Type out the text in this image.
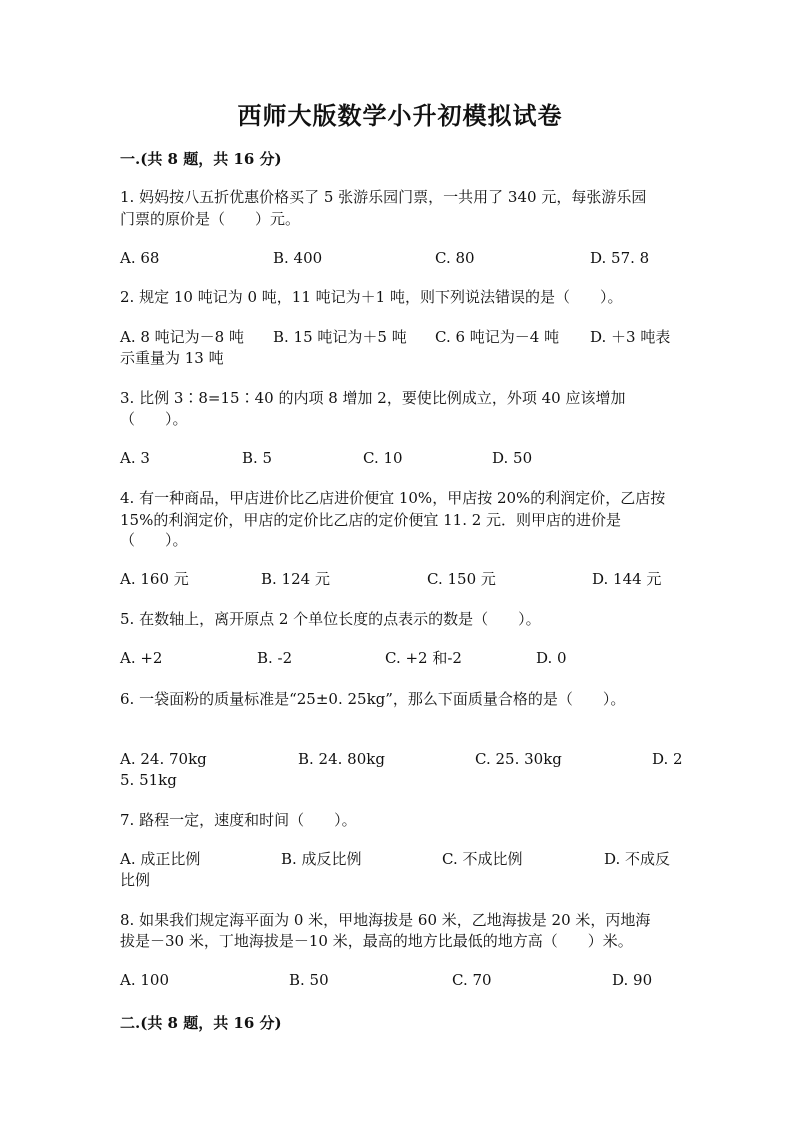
西师大版数学小升初模拟试卷
一.(共 8 题，共 16 分)
1. 妈妈按八五折优惠价格买了 5 张游乐园门票，一共用了 340 元，每张游乐园
门票的原价是（　　）元。
A. 68	B. 400	C. 80	D. 57. 8
2. 规定 10 吨记为 0 吨，11 吨记为＋1 吨，则下列说法错误的是（　　）。
A. 8 吨记为－8 吨 B. 15 吨记为＋5 吨 C. 6 吨记为－4 吨 D. ＋3 吨表
示重量为 13 吨
3. 比例 3∶8=15∶40 的内项 8 增加 2，要使比例成立，外项 40 应该增加
（　　）。
A. 3	B. 5	C. 10	D. 50
4. 有一种商品，甲店进价比乙店进价便宜 10%，甲店按 20%的利润定价，乙店按
15%的利润定价，甲店的定价比乙店的定价便宜 11. 2 元．则甲店的进价是
（　　）。
A. 160 元	B. 124 元	C. 150 元	D. 144 元
5. 在数轴上，离开原点 2 个单位长度的点表示的数是（　　）。
A. +2	B. -2	C. +2 和-2	D. 0
6. 一袋面粉的质量标准是“25±0. 25kg”，那么下面质量合格的是（　　）。
A. 24. 70kg	B. 24. 80kg	C. 25. 30kg	D. 2
5. 51kg
7. 路程一定，速度和时间（　　）。
A. 成正比例	B. 成反比例	C. 不成比例	D. 不成反
比例
8. 如果我们规定海平面为 0 米，甲地海拔是 60 米，乙地海拔是 20 米，丙地海
拔是－30 米，丁地海拔是－10 米，最高的地方比最低的地方高（　　）米。
A. 100	B. 50	C. 70	D. 90
二.(共 8 题，共 16 分)
